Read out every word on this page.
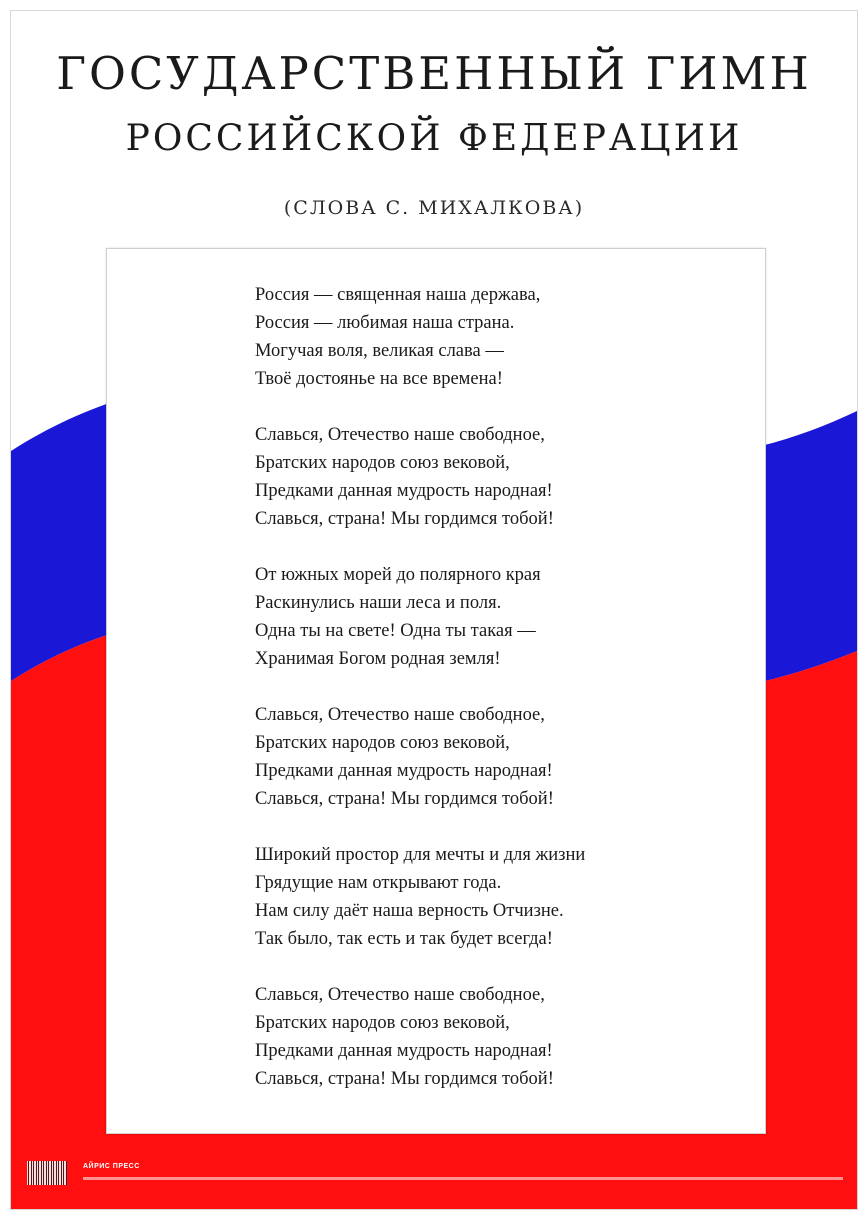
ГОСУДАРСТВЕННЫЙ ГИМН
РОССИЙСКОЙ ФЕДЕРАЦИИ
(СЛОВА С. МИХАЛКОВА)
Россия — священная наша держава,
Россия — любимая наша страна.
Могучая воля, великая слава —
Твоё достоянье на все времена!
Славься, Отечество наше свободное,
Братских народов союз вековой,
Предками данная мудрость народная!
Славься, страна! Мы гордимся тобой!
От южных морей до полярного края
Раскинулись наши леса и поля.
Одна ты на свете! Одна ты такая —
Хранимая Богом родная земля!
Славься, Отечество наше свободное,
Братских народов союз вековой,
Предками данная мудрость народная!
Славься, страна! Мы гордимся тобой!
Широкий простор для мечты и для жизни
Грядущие нам открывают года.
Нам силу даёт наша верность Отчизне.
Так было, так есть и так будет всегда!
Славься, Отечество наше свободное,
Братских народов союз вековой,
Предками данная мудрость народная!
Славься, страна! Мы гордимся тобой!
АЙРИС ПРЕСС
